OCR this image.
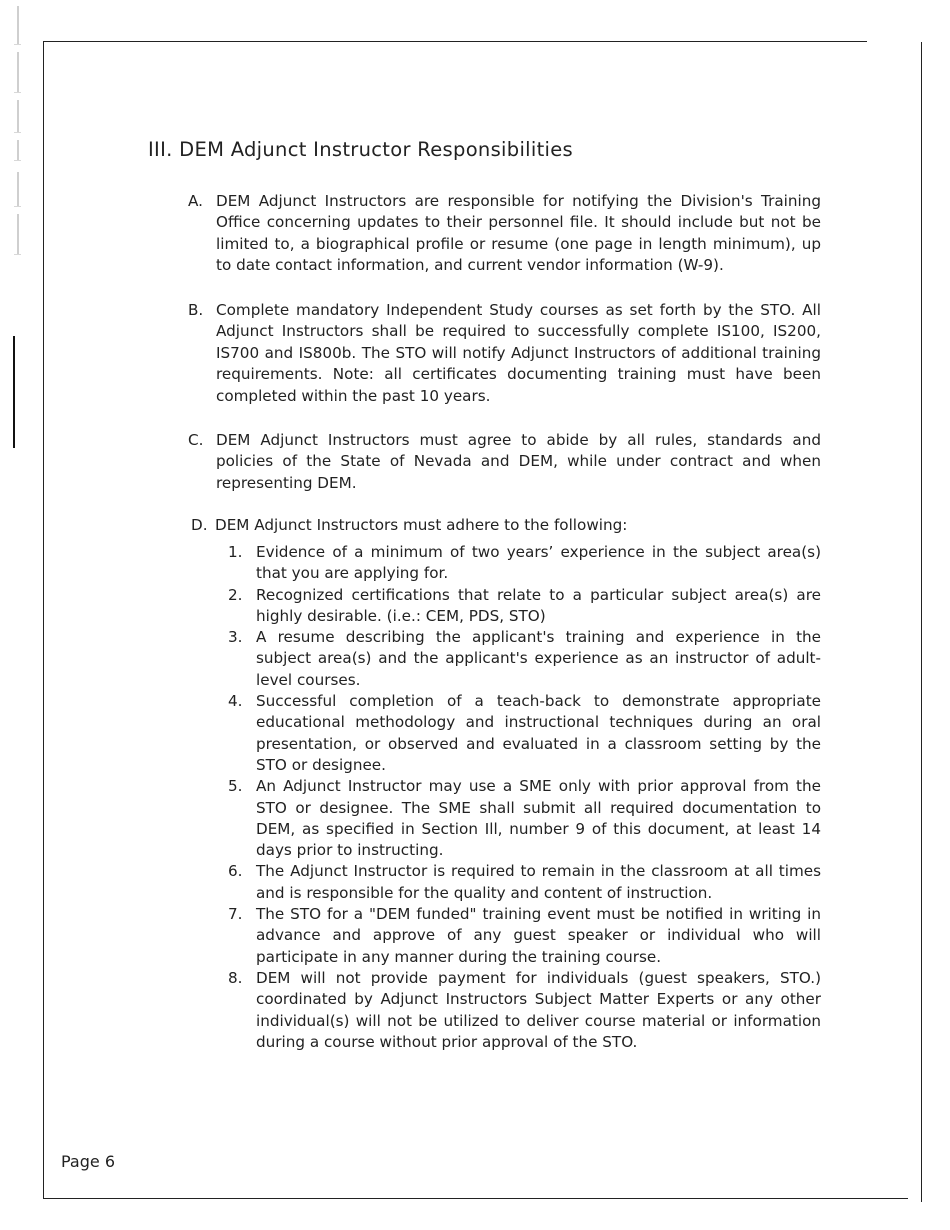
III. DEM Adjunct Instructor Responsibilities
A. DEM Adjunct Instructors are responsible for notifying the Division's Training Office concerning updates to their personnel file. It should include but not be limited to, a biographical profile or resume (one page in length minimum), up to date contact information, and current vendor information (W-9).
B. Complete mandatory Independent Study courses as set forth by the STO. All Adjunct Instructors shall be required to successfully complete IS100, IS200, IS700 and IS800b. The STO will notify Adjunct Instructors of additional training requirements. Note: all certificates documenting training must have been completed within the past 10 years.
C. DEM Adjunct Instructors must agree to abide by all rules, standards and policies of the State of Nevada and DEM, while under contract and when representing DEM.
D. DEM Adjunct Instructors must adhere to the following:
1. Evidence of a minimum of two years’ experience in the subject area(s) that you are applying for.
2. Recognized certifications that relate to a particular subject area(s) are highly desirable. (i.e.: CEM, PDS, STO)
3. A resume describing the applicant's training and experience in the subject area(s) and the applicant's experience as an instructor of adult-level courses.
4. Successful completion of a teach-back to demonstrate appropriate educational methodology and instructional techniques during an oral presentation, or observed and evaluated in a classroom setting by the STO or designee.
5. An Adjunct Instructor may use a SME only with prior approval from the STO or designee. The SME shall submit all required documentation to DEM, as specified in Section Ill, number 9 of this document, at least 14 days prior to instructing.
6. The Adjunct Instructor is required to remain in the classroom at all times and is responsible for the quality and content of instruction.
7. The STO for a "DEM funded" training event must be notified in writing in advance and approve of any guest speaker or individual who will participate in any manner during the training course.
8. DEM will not provide payment for individuals (guest speakers, STO.) coordinated by Adjunct Instructors Subject Matter Experts or any other individual(s) will not be utilized to deliver course material or information during a course without prior approval of the STO.
Page 6
